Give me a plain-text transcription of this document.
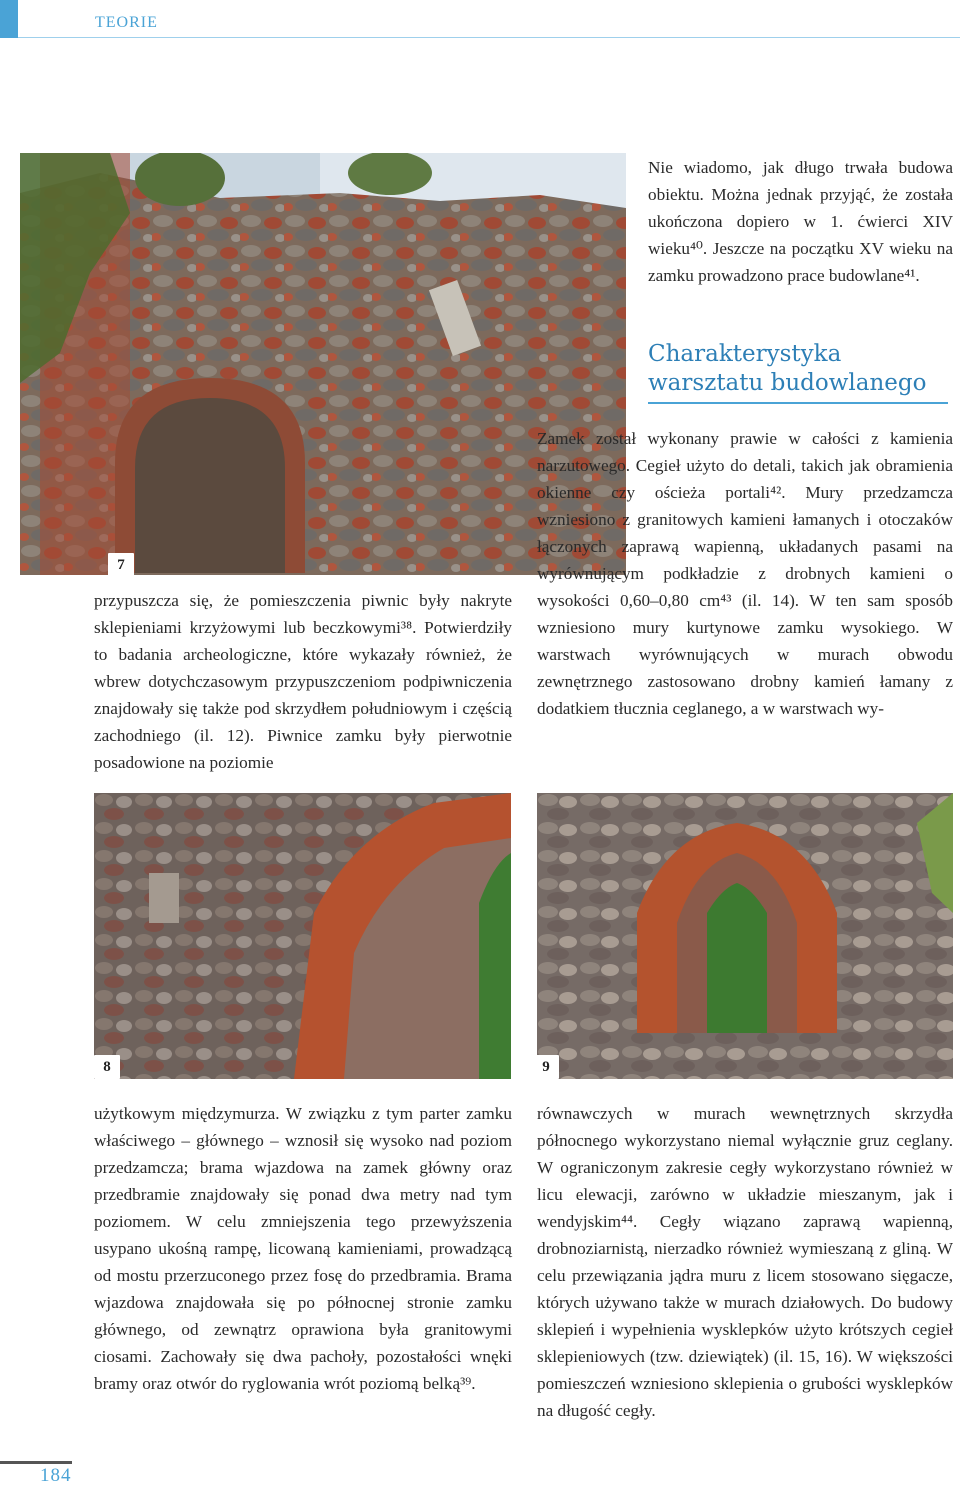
TEORIE
7

Nie wiadomo, jak długo trwała budowa obiektu. Można jednak przyjąć, że została ukończona dopiero w 1. ćwierci XIV wieku⁴⁰. Jeszcze na początku XV wieku na zamku prowadzono prace budowlane⁴¹.

Charakterystyka warsztatu budowlanego

Zamek został wykonany prawie w całości z kamienia narzutowego. Cegieł użyto do detali, takich jak obramienia okienne czy ościeża portali⁴². Mury przedzamcza wzniesiono z granitowych kamieni łamanych i otoczaków łączonych zaprawą wapienną, układanych pasami na wyrównującym podkładzie z drobnych kamieni o wysokości 0,60–0,80 cm⁴³ (il. 14). W ten sam sposób wzniesiono mury kurtynowe zamku wysokiego. W warstwach wyrównujących w murach obwodu zewnętrznego zastosowano drobny kamień łamany z dodatkiem tłucznia ceglanego, a w warstwach wy-

przypuszcza się, że pomieszczenia piwnic były nakryte sklepieniami krzyżowymi lub beczkowymi³⁸. Potwierdziły to badania archeologiczne, które wykazały również, że wbrew dotychczasowym przypuszczeniom podpiwniczenia znajdowały się także pod skrzydłem południowym i częścią zachodniego (il. 12). Piwnice zamku były pierwotnie posadowione na poziomie

8	9

użytkowym międzymurza. W związku z tym parter zamku właściwego – głównego – wznosił się wysoko nad poziom przedzamcza; brama wjazdowa na zamek główny oraz przedbramie znajdowały się ponad dwa metry nad tym poziomem. W celu zmniejszenia tego przewyższenia usypano ukośną rampę, licowaną kamieniami, prowadzącą od mostu przerzuconego przez fosę do przedbramia. Brama wjazdowa znajdowała się po północnej stronie zamku głównego, od zewnątrz oprawiona była granitowymi ciosami. Zachowały się dwa pachoły, pozostałości wnęki bramy oraz otwór do ryglowania wrót poziomą belką³⁹.

równawczych w murach wewnętrznych skrzydła północnego wykorzystano niemal wyłącznie gruz ceglany. W ograniczonym zakresie cegły wykorzystano również w licu elewacji, zarówno w układzie mieszanym, jak i wendyjskim⁴⁴. Cegły wiązano zaprawą wapienną, drobnoziarnistą, nierzadko również wymieszaną z gliną. W celu przewiązania jądra muru z licem stosowano sięgacze, których używano także w murach działowych. Do budowy sklepień i wypełnienia wysklepków użyto krótszych cegieł sklepieniowych (tzw. dziewiątek) (il. 15, 16). W większości pomieszczeń wzniesiono sklepienia o grubości wysklepków na długość cegły.

184
